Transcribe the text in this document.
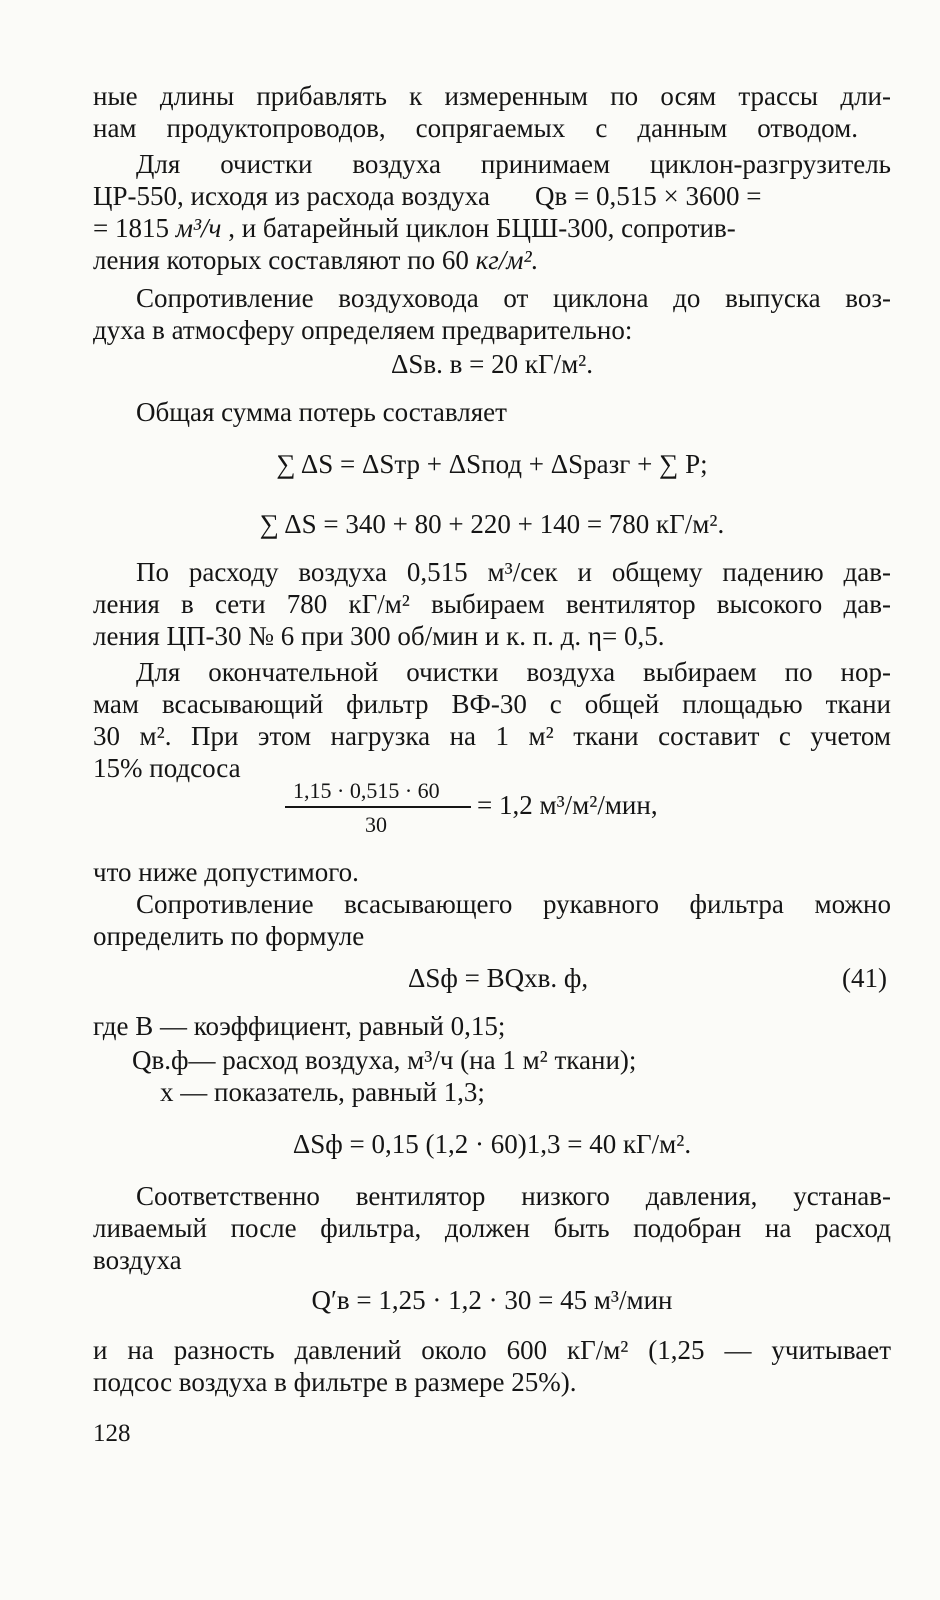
ные длины прибавлять к измеренным по осям трассы дли-
нам продуктопроводов, сопрягаемых с данным отводом.
Для очистки воздуха принимаем циклон-разгрузитель
ЦР-550, исходя из расхода воздуха Qв = 0,515 × 3600 =
= 1815 м³/ч , и батарейный циклон БЦШ-300, сопротив-
ления которых составляют по 60 кг/м².
Сопротивление воздуховода от циклона до выпуска воз-
духа в атмосферу определяем предварительно:
ΔSв. в = 20 кГ/м².
Общая сумма потерь составляет
∑ ΔS = ΔSтр + ΔSпод + ΔSразг + ∑ P;
∑ ΔS = 340 + 80 + 220 + 140 = 780 кГ/м².
По расходу воздуха 0,515 м³/сек и общему падению дав-
ления в сети 780 кГ/м² выбираем вентилятор высокого дав-
ления ЦП-30 № 6 при 300 об/мин и к. п. д. η= 0,5.
Для окончательной очистки воздуха выбираем по нор-
мам всасывающий фильтр ВФ-30 с общей площадью ткани
30 м². При этом нагрузка на 1 м² ткани составит с учетом
15% подсоса
1,15 · 0,515 · 60
30
= 1,2 м³/м²/мин,
что ниже допустимого.
Сопротивление всасывающего рукавного фильтра можно
определить по формуле
ΔSф = BQxв. ф,	(41)
где B — коэффициент, равный 0,15;
Qв.ф— расход воздуха, м³/ч (на 1 м² ткани);
x — показатель, равный 1,3;
ΔSф = 0,15 (1,2 · 60)1,3 = 40 кГ/м².
Соответственно вентилятор низкого давления, устанав-
ливаемый после фильтра, должен быть подобран на расход
воздуха
Q′в = 1,25 · 1,2 · 30 = 45 м³/мин
и на разность давлений около 600 кГ/м² (1,25 — учитывает
подсос воздуха в фильтре в размере 25%).
128
